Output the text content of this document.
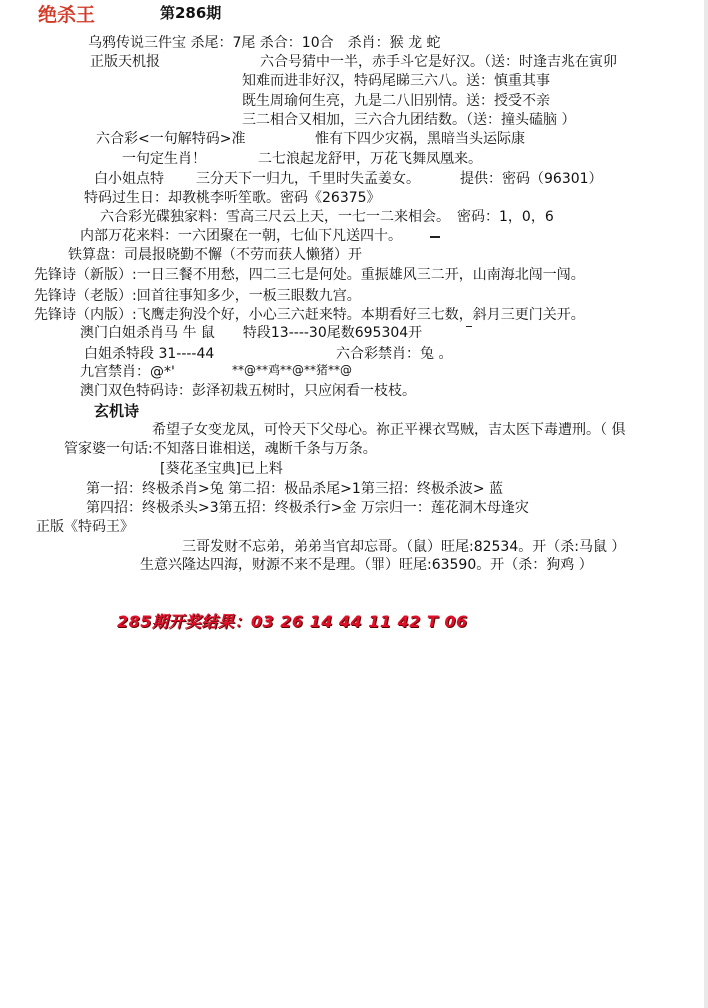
绝杀王	第286期
乌鸦传说三件宝 杀尾：7尾 杀合：10合　杀肖：猴 龙 蛇
正版天机报	六合号猜中一半，赤手斗它是好汉。（送：时逢吉兆在寅卯
知难而进非好汉，特码尾睇三六八。送：慎重其事
既生周瑜何生亮，九是二八旧别情。送：授受不亲
三二相合又相加，三六合九团结数。（送：撞头磕脑 ）
六合彩<一句解特码>准	惟有下四少灾祸，黑暗当头运际康
一句定生肖！	二七浪起龙舒甲，万花飞舞凤凰来。
白小姐点特 三分天下一归九，千里时失孟姜女。	提供：密码（96301）
特码过生日：却教桃李听笙歌。密码《26375》
六合彩光碟独家料：雪高三尺云上天，一七一二来相会。　密码：1，0，6
内部万花来料：一六团聚在一朝，七仙下凡送四十。
铁算盘：司晨报晓勤不懈（不劳而获人懒猪）开
先锋诗（新版）:一日三餐不用愁，四二三七是何处。重振雄风三二开，山南海北闯一闯。
先锋诗（老版）:回首往事知多少，一板三眼数九宫。
先锋诗（内版）:飞鹰走狗没个好，小心三六赶来特。本期看好三七数，斜月三更门关开。
澳门白姐杀肖马 牛 鼠　　特段13----30尾数695304开
白姐杀特段 31----44	六合彩禁肖：兔 。
九宫禁肖：@*'	**@**鸡**@**猪**@
澳门双色特码诗：彭泽初栽五树时，只应闲看一枝枝。
玄机诗
希望子女变龙凤，可怜天下父母心。祢正平裸衣骂贼，吉太医下毒遭刑。（ 俱
管家婆一句话:不知落日谁相送，魂断千条与万条。
[葵花圣宝典]已上料
第一招：终极杀肖>兔 第二招：极品杀尾>1第三招：终极杀波> 蓝
第四招：终极杀头>3第五招：终极杀行>金 万宗归一：莲花洞木母逢灾
正版《特码王》
三哥发财不忘弟，弟弟当官却忘哥。（鼠）旺尾:82534。开（杀:马鼠 ）
生意兴隆达四海，财源不来不是理。（罪）旺尾:63590。开（杀：狗鸡 ）
285期开奖结果：03 26 14 44 11 42 T 06
